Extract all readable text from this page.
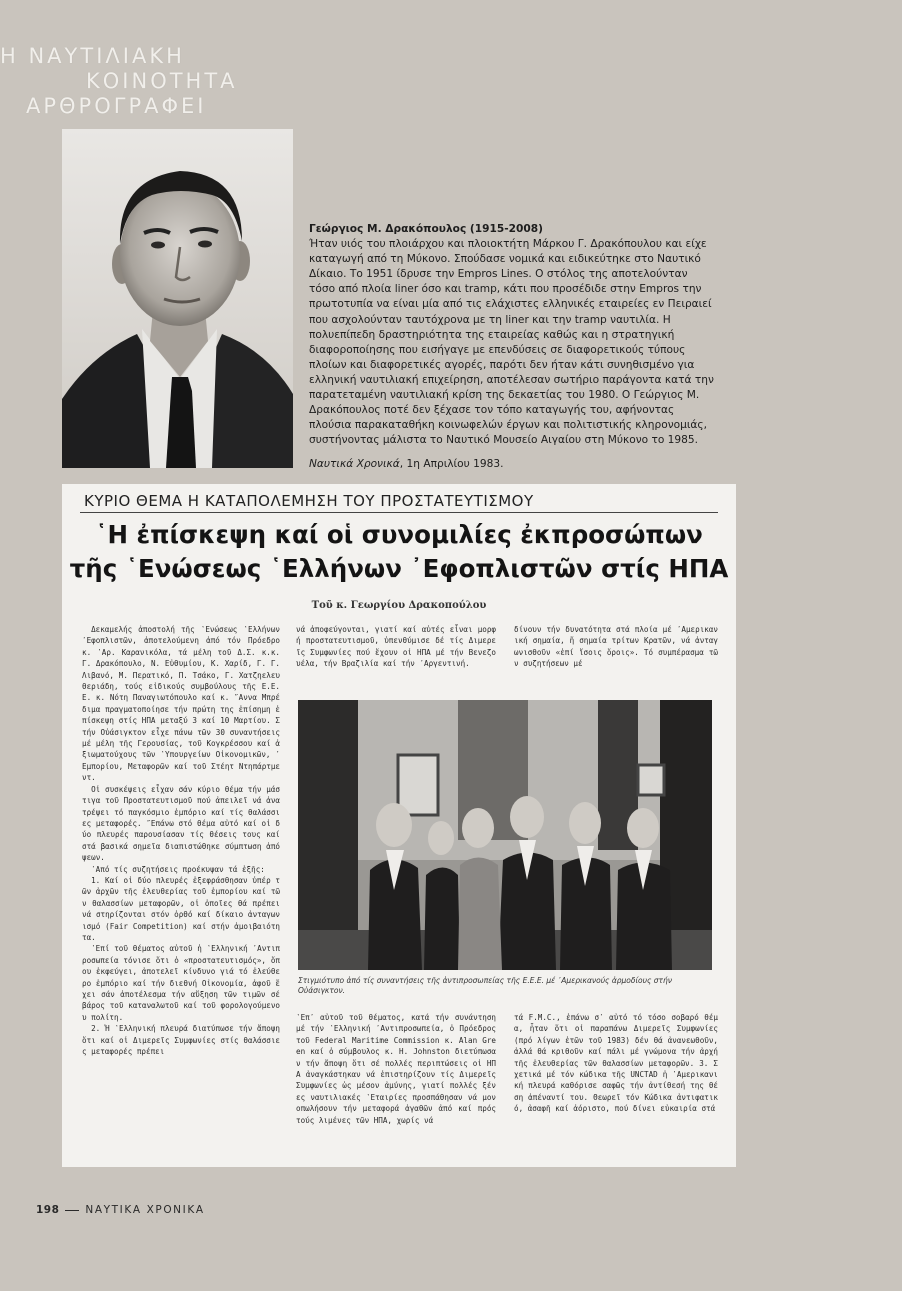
Η ΝΑΥΤΙΛΙΑΚΗ
ΚΟΙΝΟΤΗΤΑ
ΑΡΘΡΟΓΡΑΦΕΙ
Γεώργιος Μ. Δρακόπουλος (1915-2008)
Ήταν υιός του πλοιάρχου και πλοιοκτήτη Μάρκου Γ. Δρακόπουλου και είχε καταγωγή από τη Μύκονο. Σπούδασε νομικά και ειδικεύτηκε στο Ναυτικό Δίκαιο. Το 1951 ίδρυσε την Empros Lines. Ο στόλος της αποτελούνταν τόσο από πλοία liner όσο και tramp, κάτι που προσέδιδε στην Empros την πρωτοτυπία να είναι μία από τις ελάχιστες ελληνικές εταιρείες εν Πειραιεί που ασχολούνταν ταυτόχρονα με τη liner και την tramp ναυτιλία. Η πολυεπίπεδη δραστηριότητα της εταιρείας καθώς και η στρατηγική διαφοροποίησης που εισήγαγε με επενδύσεις σε διαφορετικούς τύπους πλοίων και διαφορετικές αγορές, παρότι δεν ήταν κάτι συνηθισμένο για ελληνική ναυτιλιακή επιχείρηση, αποτέλεσαν σωτήριο παράγοντα κατά την παρατεταμένη ναυτιλιακή κρίση της δεκαετίας του 1980. Ο Γεώργιος Μ. Δρακόπουλος ποτέ δεν ξέχασε τον τόπο καταγωγής του, αφήνοντας πλούσια παρακαταθήκη κοινωφελών έργων και πολιτιστικής κληρονομιάς, συστήνοντας μάλιστα το Ναυτικό Μουσείο Αιγαίου στη Μύκονο το 1985.
Ναυτικά Χρονικά, 1η Απριλίου 1983.
ΚΥΡΙΟ ΘΕΜΑ Η ΚΑΤΑΠΟΛΕΜΗΣΗ ΤΟΥ ΠΡΟΣΤΑΤΕΥΤΙΣΜΟΥ
῾Η ἐπίσκεψη καί οἱ συνομιλίες ἐκπροσώπων
τῆς ῾Ενώσεως ῾Ελλήνων ᾿Εφοπλιστῶν στίς ΗΠΑ
Τοῦ κ. Γεωργίου Δρακοπούλου

Δεκαμελής ἀποστολή τῆς ῾Ενώσεως ῾Ελλήνων ᾿Εφοπλιστῶν, ἀποτελούμενη ἀπό τόν Πρόεδρο κ. ᾿Αρ. Καρανικόλα, τά μέλη τοῦ Δ.Σ. κ.κ. Γ. Δρακόπουλο, Ν. Εὐθυμίου, Κ. Χαρίδ, Γ. Γ. Λιβανό, Μ. Περατικό, Π. Τσάκο, Γ. Χατζηελευθεριάδη, τούς εἰδικούς συμβούλους τῆς Ε.Ε.Ε. κ. Νότη Παναγιωτόπουλο καί κ. ῎Αννα Μπρέδιμα πραγματοποίησε τήν πρώτη της ἐπίσημη ἐπίσκεψη στίς ΗΠΑ μεταξύ 3 καί 10 Μαρτίου. Στήν Οὐάσιγκτον εἶχε πάνω τῶν 30 συναντήσεις μέ μέλη τῆς Γερουσίας, τοῦ Κογκρέσσου καί ἀξιωματούχους τῶν ῾Υπουργείων Οἰκονομικῶν, ᾿Εμπορίου, Μεταφορῶν καί τοῦ Στέητ Ντηπάρτμεντ.

Οἱ συσκέψεις εἶχαν σάν κύριο θέμα τήν μάστιγα τοῦ Προστατευτισμοῦ πού ἀπειλεῖ νά ἀνατρέψει τό παγκόσμιο ἐμπόριο καί τίς θαλάσσιες μεταφορές. ῎Επάνω στό θέμα αὐτό καί οἱ δύο πλευρές παρουσίασαν τίς θέσεις τους καί στά βασικά σημεῖα διαπιστώθηκε σύμπτωση ἀπόψεων.

᾿Από τίς συζητήσεις προέκυψαν τά ἑξῆς:

1. Καί οἱ δύο πλευρές ἐξεφράσθησαν ὑπέρ τῶν ἀρχῶν τῆς ἐλευθερίας τοῦ ἐμπορίου καί τῶν θαλασσίων μεταφορῶν, οἱ ὁποῖες θά πρέπει νά στηρίζονται στόν ὀρθό καί δίκαιο ἀνταγωνισμό (Fair Competition) καί στήν ἀμοιβαιότητα.

῾Επί τοῦ θέματος αὐτοῦ ἡ ῾Ελληνική ᾿Αντιπροσωπεία τόνισε ὅτι ὁ «προστατευτισμός», ὅπου ἐκφεύγει, ἀποτελεῖ κίνδυνο γιά τό ἐλεύθερο ἐμπόριο καί τήν διεθνή Οἰκονομία, ἀφοῦ ἔχει σάν ἀποτέλεσμα τήν αὔξηση τῶν τιμῶν σέ βάρος τοῦ καταναλωτοῦ καί τοῦ φορολογούμενου πολίτη.

2. Ἡ ῾Ελληνική πλευρά διατύπωσε τήν ἄποψη ὅτι καί οἱ Διμερεῖς Συμφωνίες στίς θαλάσσιες μεταφορές πρέπει

νά ἀποφεύγονται, γιατί καί αὐτές εἶναι μορφή προστατευτισμοῦ, ὑπενθύμισε δέ τίς Διμερεῖς Συμφωνίες πού ἔχουν οἱ ΗΠΑ μέ τήν Βενεζουέλα, τήν Βραζιλία καί τήν ᾿Αργεντινή.
δίνουν τήν δυνατότητα στά πλοία μέ ᾿Αμερικανική σημαία, ἤ σημαία τρίτων Κρατῶν, νά ἀνταγωνισθοῦν «ἐπί ἴσοις ὅροις». Τό συμπέρασμα τῶν συζητήσεων μέ
Στιγμιότυπο ἀπό τίς συναντήσεις τῆς ἀντιπροσωπείας τῆς Ε.Ε.Ε. μέ ᾿Αμερικανούς ἀρμοδίους στήν Οὐάσιγκτον.
῾Επ᾿ αὐτοῦ τοῦ θέματος, κατά τήν συνάντηση μέ τήν ῾Ελληνική ᾿Αντιπροσωπεία, ὁ Πρόεδρος τοῦ Federal Maritime Commission κ. Alan Green καί ὁ σύμβουλος κ. Η. Johnston διετύπωσαν τήν ἄποψη ὅτι σέ πολλές περιπτώσεις οἱ ΗΠΑ ἀναγκάστηκαν νά ἐπιστηρίζουν τίς Διμερεῖς Συμφωνίες ὡς μέσον ἀμύνης, γιατί πολλές ξένες ναυτιλιακές ῾Εταιρίες προσπάθησαν νά μονοπωλήσουν τήν μεταφορά ἀγαθῶν ἀπό καί πρός τούς λιμένες τῶν ΗΠΑ, χωρίς νά
τά F.M.C., ἐπάνω σ᾿ αὐτό τό τόσο σοβαρό θέμα, ἦταν ὅτι οἱ παραπάνω Διμερεῖς Συμφωνίες (πρό λίγων ἐτῶν τοῦ 1983) δέν θά ἀνανεωθοῦν, ἀλλά θά κριθοῦν καί πάλι μέ γνώμονα τήν ἀρχή τῆς ἐλευθερίας τῶν θαλασσίων μεταφορῶν. 3. Σχετικά μέ τόν κώδικα τῆς UNCTAD ἡ ᾿Αμερικανική πλευρά καθόρισε σαφῶς τήν ἀντίθεσή της θέση ἀπέναντί του. Θεωρεῖ τόν Κώδικα ἀντιφατικό, ἀσαφῆ καί ἀόριστο, πού δίνει εὐκαιρία στά
198 ΝΑΥΤΙΚΑ ΧΡΟΝΙΚΑ
